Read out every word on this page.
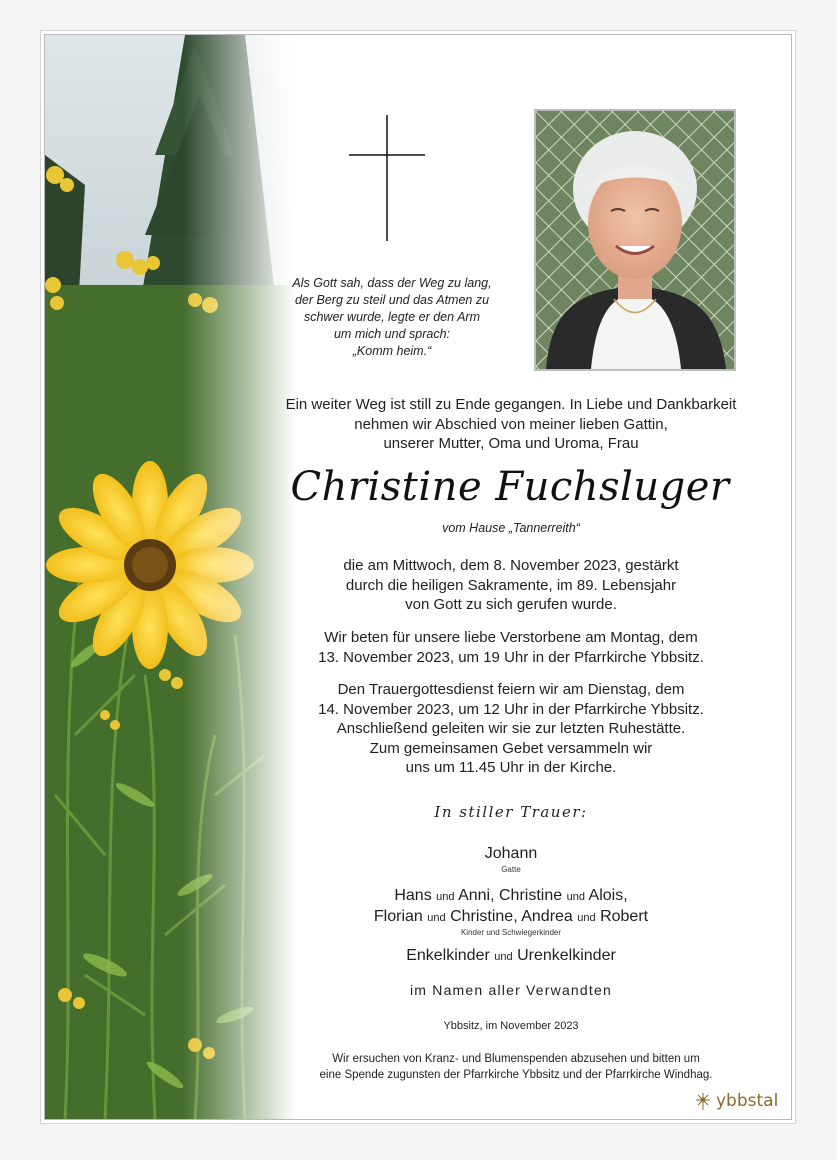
Als Gott sah, dass der Weg zu lang,
der Berg zu steil und das Atmen zu
schwer wurde, legte er den Arm
um mich und sprach:
„Komm heim.“
Ein weiter Weg ist still zu Ende gegangen. In Liebe und Dankbarkeit
nehmen wir Abschied von meiner lieben Gattin,
unserer Mutter, Oma und Uroma, Frau
Christine Fuchsluger
vom Hause „Tannerreith“
die am Mittwoch, dem 8. November 2023, gestärkt
durch die heiligen Sakramente, im 89. Lebensjahr
von Gott zu sich gerufen wurde.
Wir beten für unsere liebe Verstorbene am Montag, dem
13. November 2023, um 19 Uhr in der Pfarrkirche Ybbsitz.
Den Trauergottesdienst feiern wir am Dienstag, dem
14. November 2023, um 12 Uhr in der Pfarrkirche Ybbsitz.
Anschließend geleiten wir sie zur letzten Ruhestätte.
Zum gemeinsamen Gebet versammeln wir
uns um 11.45 Uhr in der Kirche.
In stiller Trauer:
Johann
Gatte
Hans und Anni, Christine und Alois,
Florian und Christine, Andrea und Robert
Kinder und Schwiegerkinder
Enkelkinder und Urenkelkinder
im Namen aller Verwandten
Ybbsitz, im November 2023
Wir ersuchen von Kranz- und Blumenspenden abzusehen und bitten um
eine Spende zugunsten der Pfarrkirche Ybbsitz und der Pfarrkirche Windhag.
ybbstal
